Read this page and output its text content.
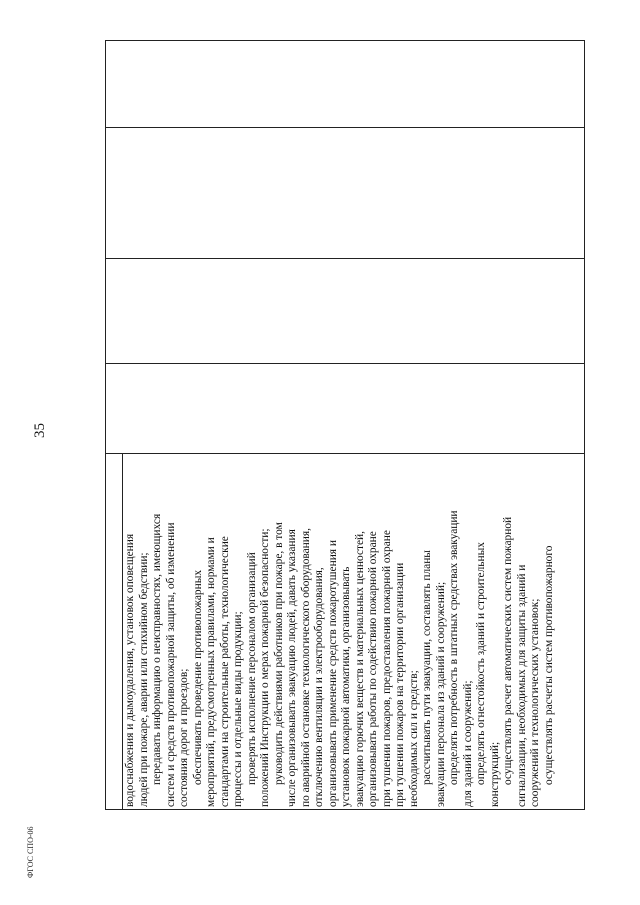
35
ФГОС СПО-06

водоснабжения и дымоудаления, установок оповещения людей при пожаре, аварии или стихийном бедствии; передавать информацию о неисправностях, имеющихся систем и средств противопожарной защиты, об изменении состояния дорог и проездов; обеспечивать проведение противопожарных мероприятий, предусмотренных правилами, нормами и стандартами на строительные работы, технологические процессы и отдельные виды продукции; проверять исполнение персоналом организаций положений Инструкции о мерах пожарной безопасности; руководить действиями работников при пожаре, в том числе организовывать эвакуацию людей, давать указания по аварийной остановке технологического оборудования, отключению вентиляции и электрооборудования, организовывать применение средств пожаротушения и установок пожарной автоматики, организовывать эвакуацию горючих веществ и материальных ценностей, организовывать работы по содействию пожарной охране при тушении пожаров, предоставления пожарной охране при тушении пожаров на территории организации необходимых сил и средств; рассчитывать пути эвакуации, составлять планы эвакуации персонала из зданий и сооружений; определять потребность в штатных средствах эвакуации для зданий и сооружений; определять огнестойкость зданий и строительных конструкций; осуществлять расчет автоматических систем пожарной сигнализации, необходимых для защиты зданий и сооружений и технологических установок; осуществлять расчеты систем противопожарного
